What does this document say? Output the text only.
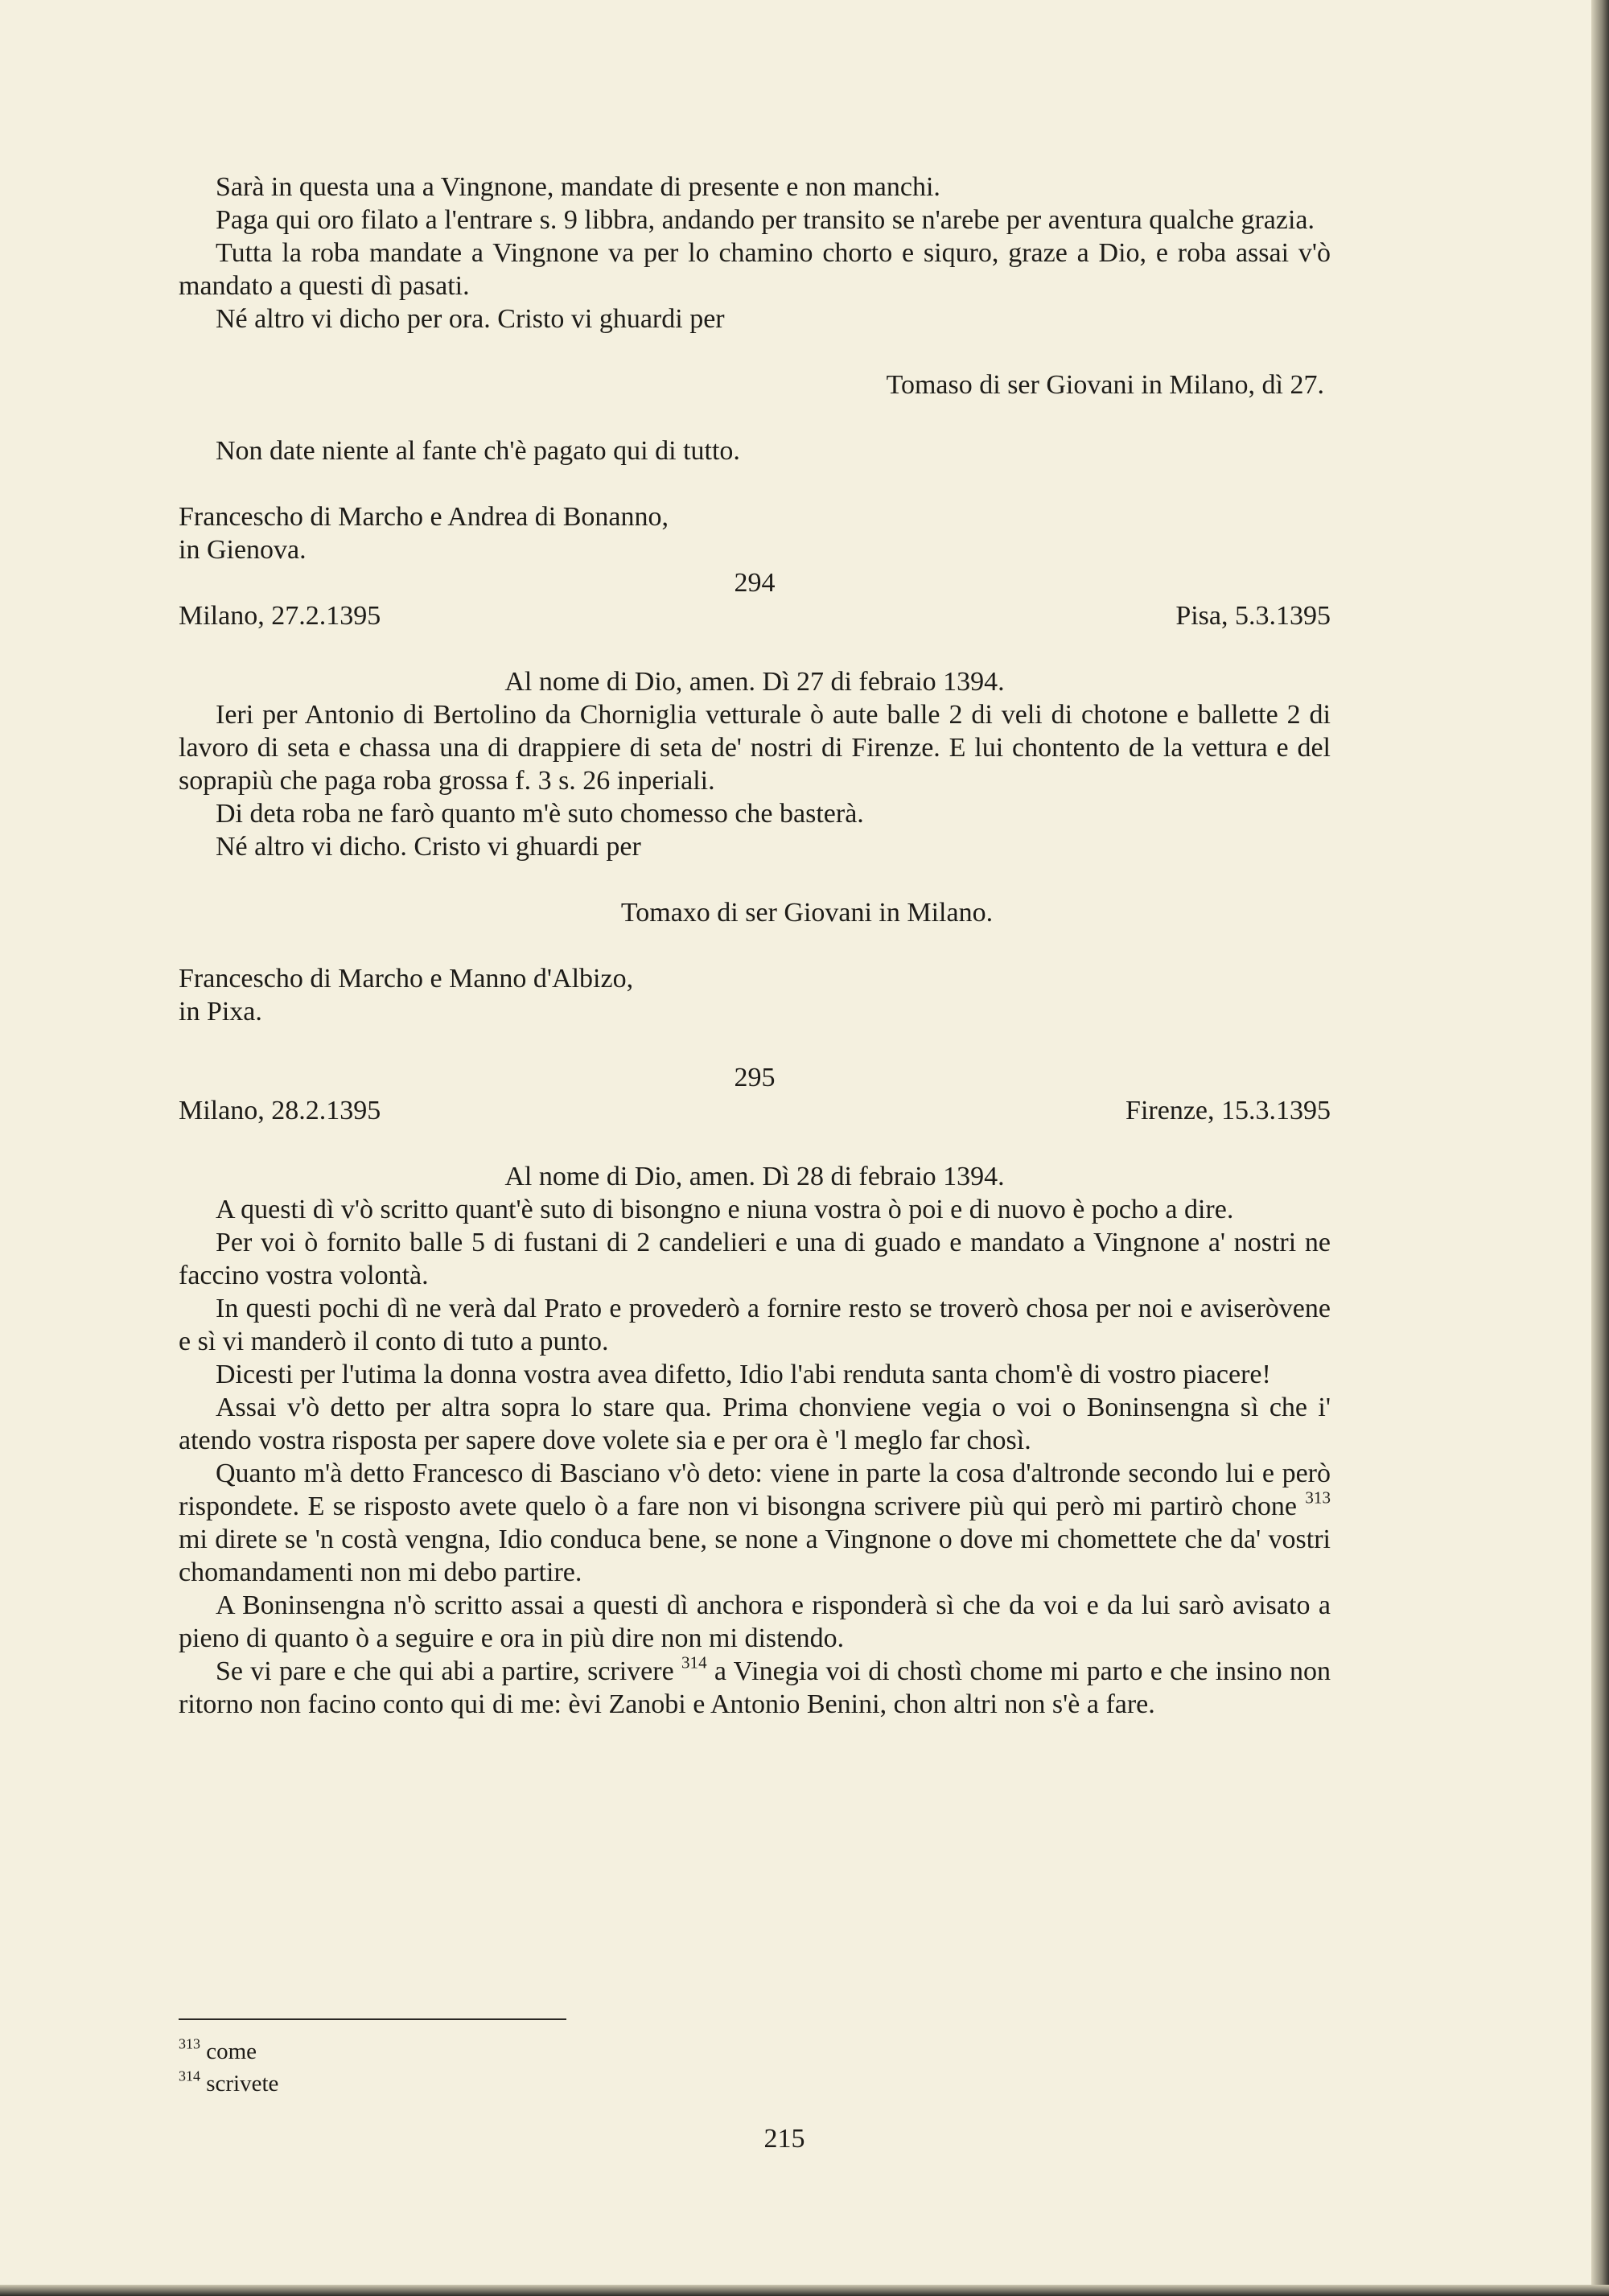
Sarà in questa una a Vingnone, mandate di presente e non manchi.

Paga qui oro filato a l'entrare s. 9 libbra, andando per transito se n'arebe per aventura qualche grazia.

Tutta la roba mandate a Vingnone va per lo chamino chorto e siquro, graze a Dio, e roba assai v'ò mandato a questi dì pasati.

Né altro vi dicho per ora. Cristo vi ghuardi per

Tomaso di ser Giovani in Milano, dì 27.

Non date niente al fante ch'è pagato qui di tutto.

Francescho di Marcho e Andrea di Bonanno,

in Gienova.

294

Milano, 27.2.1395	Pisa, 5.3.1395

Al nome di Dio, amen. Dì 27 di febraio 1394.

Ieri per Antonio di Bertolino da Chorniglia vetturale ò aute balle 2 di veli di chotone e ballette 2 di lavoro di seta e chassa una di drappiere di seta de' nostri di Firenze. E lui chontento de la vettura e del soprapiù che paga roba grossa f. 3 s. 26 inperiali.

Di deta roba ne farò quanto m'è suto chomesso che basterà.

Né altro vi dicho. Cristo vi ghuardi per

Tomaxo di ser Giovani in Milano.

Francescho di Marcho e Manno d'Albizo,

in Pixa.

295

Milano, 28.2.1395	Firenze, 15.3.1395

Al nome di Dio, amen. Dì 28 di febraio 1394.

A questi dì v'ò scritto quant'è suto di bisongno e niuna vostra ò poi e di nuovo è pocho a dire.

Per voi ò fornito balle 5 di fustani di 2 candelieri e una di guado e mandato a Vingnone a' nostri ne faccino vostra volontà.

In questi pochi dì ne verà dal Prato e provederò a fornire resto se troverò chosa per noi e aviseròvene e sì vi manderò il conto di tuto a punto.

Dicesti per l'utima la donna vostra avea difetto, Idio l'abi renduta santa chom'è di vostro piacere!

Assai v'ò detto per altra sopra lo stare qua. Prima chonviene vegia o voi o Boninsengna sì che i' atendo vostra risposta per sapere dove volete sia e per ora è 'l meglo far chosì.

Quanto m'à detto Francesco di Basciano v'ò deto: viene in parte la cosa d'altronde secondo lui e però rispondete. E se risposto avete quelo ò a fare non vi bisongna scrivere più qui però mi partirò chone $^{313}$ mi direte se 'n costà vengna, Idio conduca bene, se none a Vingnone o dove mi chomettete che da' vostri chomandamenti non mi debo partire.

A Boninsengna n'ò scritto assai a questi dì anchora e risponderà sì che da voi e da lui sarò avisato a pieno di quanto ò a seguire e ora in più dire non mi distendo.

Se vi pare e che qui abi a partire, scrivere $^{314}$ a Vinegia voi di chostì chome mi parto e che insino non ritorno non facino conto qui di me: èvi Zanobi e Antonio Benini, chon altri non s'è a fare.

$^{313}$ come
$^{314}$ scrivete
215
